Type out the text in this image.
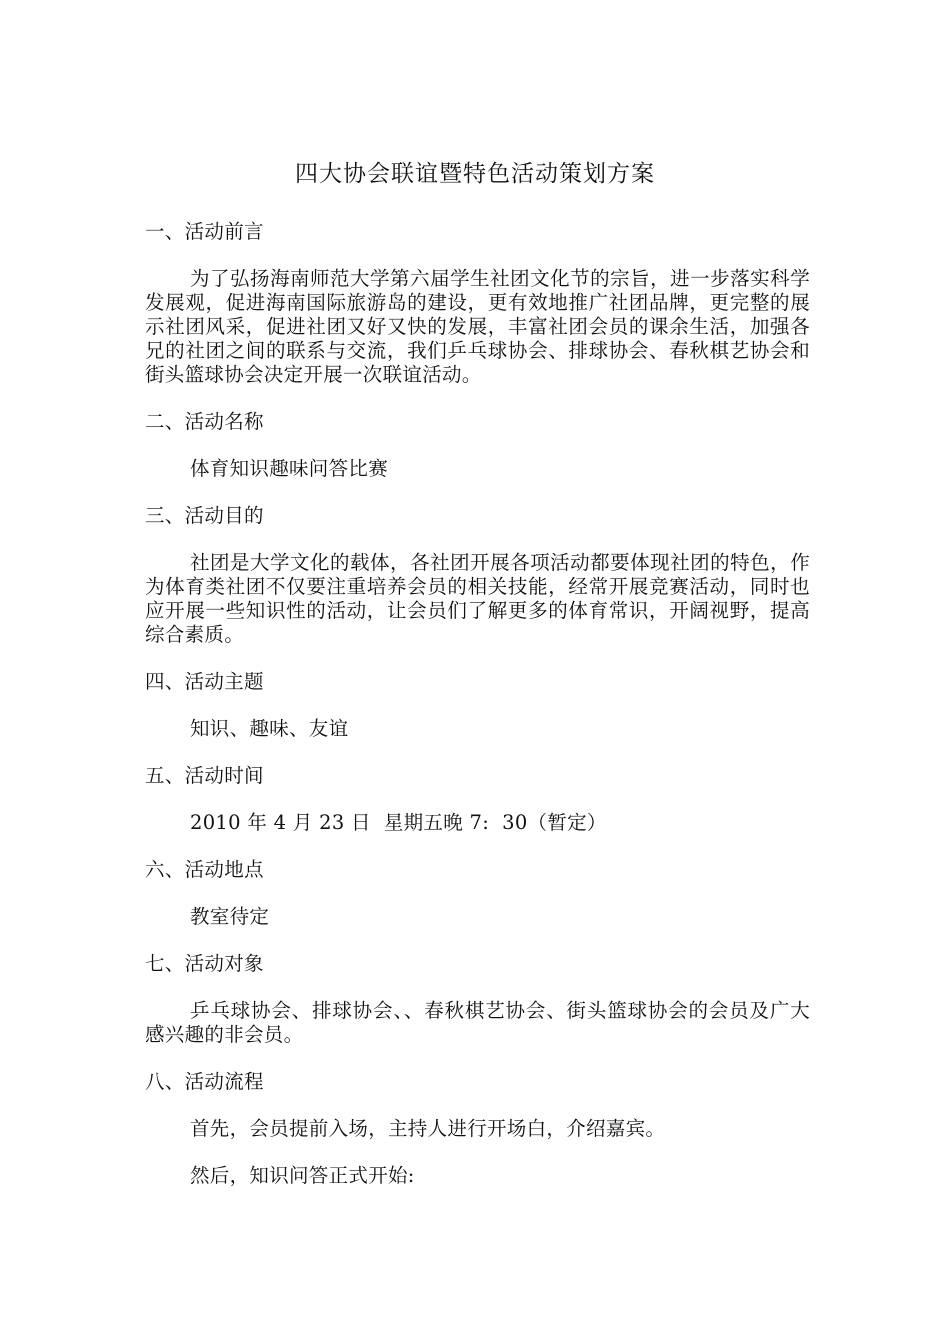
四大协会联谊暨特色活动策划方案
一、活动前言
为了弘扬海南师范大学第六届学生社团文化节的宗旨，进一步落实科学发展观，促进海南国际旅游岛的建设，更有效地推广社团品牌，更完整的展示社团风采，促进社团又好又快的发展，丰富社团会员的课余生活，加强各兄的社团之间的联系与交流，我们乒乓球协会、排球协会、春秋棋艺协会和街头篮球协会决定开展一次联谊活动。
二、活动名称
体育知识趣味问答比赛
三、活动目的
社团是大学文化的载体，各社团开展各项活动都要体现社团的特色，作为体育类社团不仅要注重培养会员的相关技能，经常开展竞赛活动，同时也应开展一些知识性的活动，让会员们了解更多的体育常识，开阔视野，提高综合素质。
四、活动主题
知识、趣味、友谊
五、活动时间
2010 年 4 月 23 日  星期五晚 7:  30（暂定）
六、活动地点
教室待定
七、活动对象
乒乓球协会、排球协会、、春秋棋艺协会、街头篮球协会的会员及广大感兴趣的非会员。
八、活动流程
首先，会员提前入场，主持人进行开场白，介绍嘉宾。
然后，知识问答正式开始:
